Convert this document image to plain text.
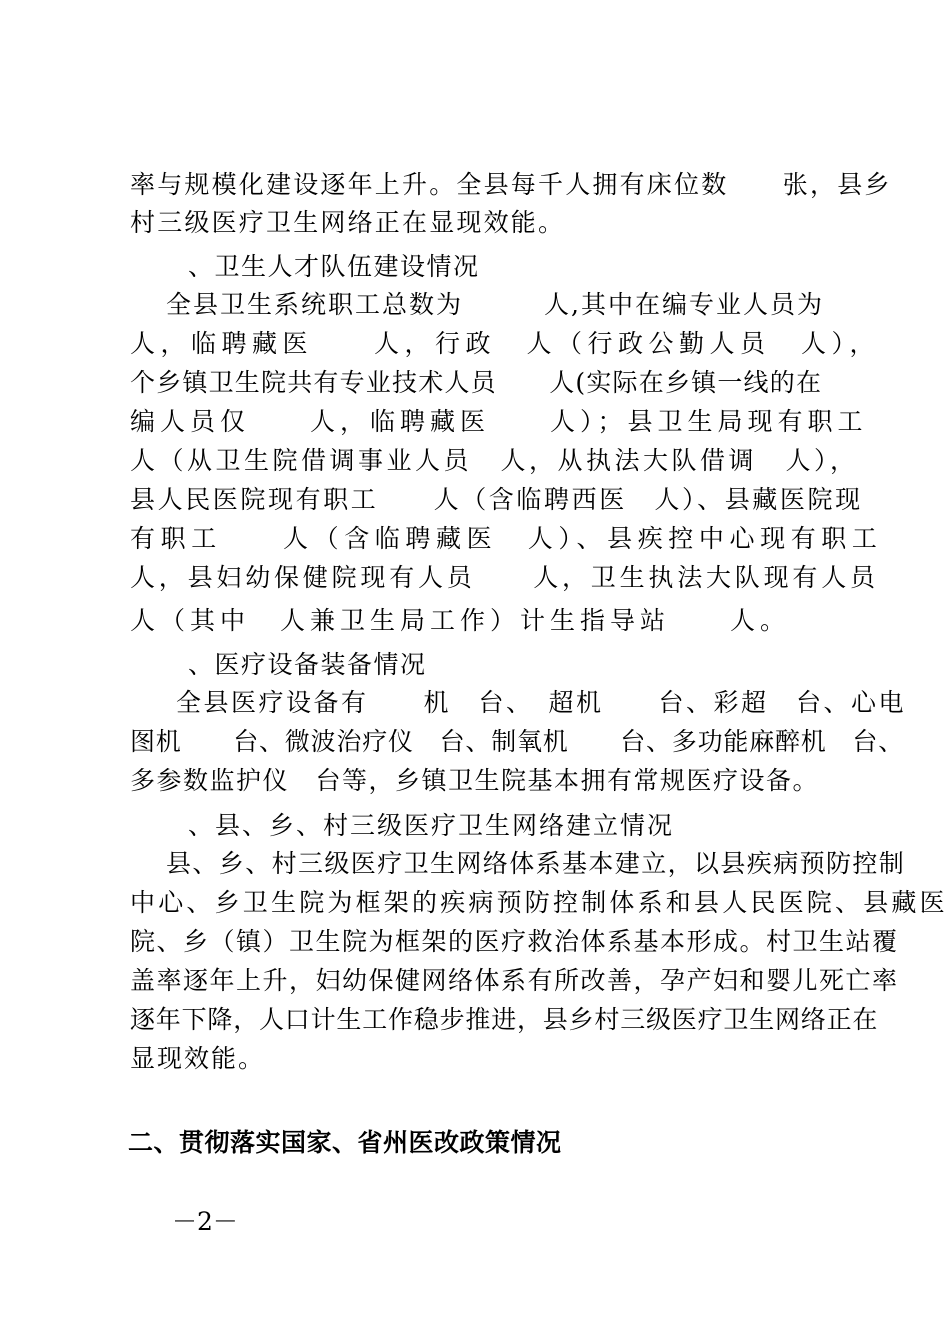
率与规模化建设逐年上升。全县每千人拥有床位数　　张，县乡
村三级医疗卫生网络正在显现效能。
、卫生人才队伍建设情况
全县卫生系统职工总数为　　　人,其中在编专业人员为
人，临聘藏医　　人，行政　人（行政公勤人员　人），
个乡镇卫生院共有专业技术人员　　人(实际在乡镇一线的在
编人员仅　　人，临聘藏医　　人）；县卫生局现有职工
人（从卫生院借调事业人员　人，从执法大队借调　人），
县人民医院现有职工　　人（含临聘西医　人）、县藏医院现
有职工　　人（含临聘藏医　人）、县疾控中心现有职工
人，县妇幼保健院现有人员　　人，卫生执法大队现有人员
人（其中　人兼卫生局工作）计生指导站　　人。
、医疗设备装备情况
全县医疗设备有　　机　台、　超机　　台、彩超　台、心电
图机　　台、微波治疗仪　台、制氧机　　台、多功能麻醉机　台、
多参数监护仪　台等，乡镇卫生院基本拥有常规医疗设备。
、县、乡、村三级医疗卫生网络建立情况
县、乡、村三级医疗卫生网络体系基本建立，以县疾病预防控制
中心、乡卫生院为框架的疾病预防控制体系和县人民医院、县藏医
院、乡（镇）卫生院为框架的医疗救治体系基本形成。村卫生站覆
盖率逐年上升，妇幼保健网络体系有所改善，孕产妇和婴儿死亡率
逐年下降，人口计生工作稳步推进，县乡村三级医疗卫生网络正在
显现效能。
二、贯彻落实国家、省州医改政策情况
－2－
